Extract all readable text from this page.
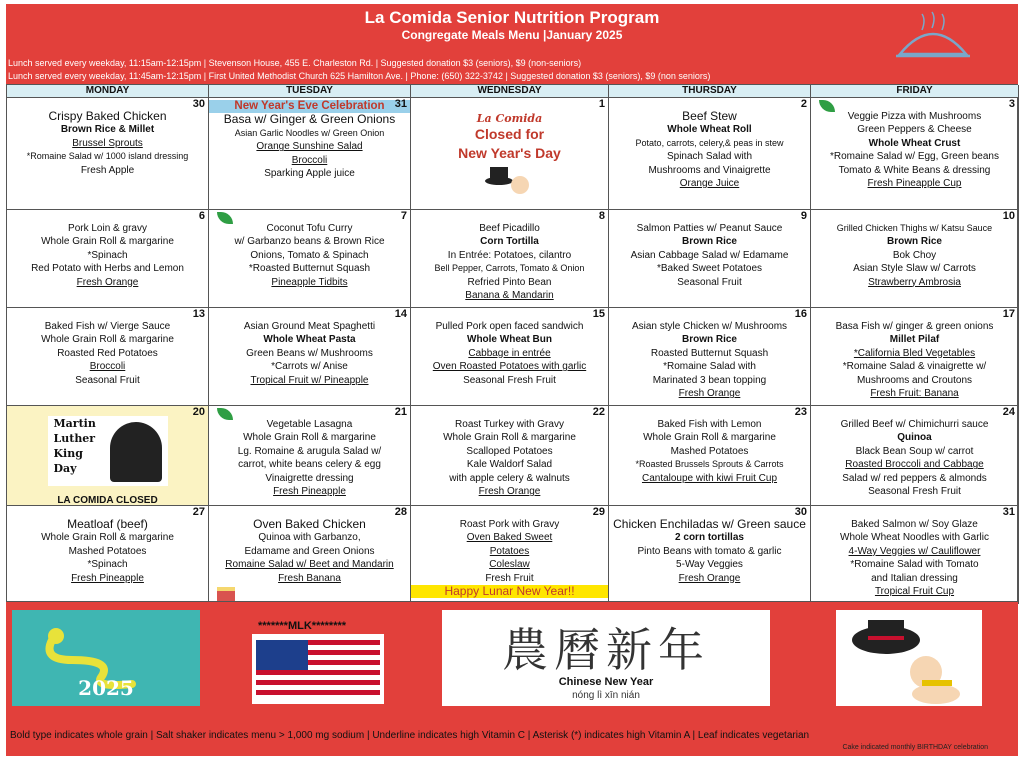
La Comida Senior Nutrition Program
Congregate Meals Menu |January 2025
Lunch served every weekday, 11:15am-12:15pm | Stevenson House, 455 E. Charleston Rd. | Suggested donation $3 (seniors), $9 (non-seniors)
Lunch served every weekday, 11:45am-12:15pm | First United Methodist Church 625 Hamilton Ave. | Phone: (650) 322-3742 | Suggested donation $3 (seniors), $9 (non seniors)
MONDAY	TUESDAY	WEDNESDAY	THURSDAY	FRIDAY
30
Crispy Baked Chicken
Brown Rice & Millet
Brussel Sprouts
*Romaine Salad w/ 1000 island dressing
Fresh Apple
31
New Year's Eve Celebration
Basa w/ Ginger & Green Onions
Asian Garlic Noodles w/ Green Onion
Orange Sunshine Salad
Broccoli
Sparking Apple juice
1
La Comida
Closed for
New Year's Day
2
Beef Stew
Whole Wheat Roll
Potato, carrots, celery,& peas in stew
Spinach Salad with
Mushrooms and Vinaigrette
Orange Juice
3
Veggie Pizza with Mushrooms
Green Peppers & Cheese
Whole Wheat Crust
*Romaine Salad w/ Egg, Green beans
Tomato & White Beans & dressing
Fresh Pineapple Cup
6
Pork Loin & gravy
Whole Grain Roll & margarine
*Spinach
Red Potato with Herbs and Lemon
Fresh Orange
7
Coconut Tofu Curry
w/ Garbanzo beans & Brown Rice
Onions, Tomato & Spinach
*Roasted Butternut Squash
Pineapple Tidbits
8
Beef Picadillo
Corn Tortilla
In Entrée: Potatoes, cilantro
Bell Pepper, Carrots, Tomato & Onion
Refried Pinto Bean
Banana & Mandarin
9
Salmon Patties w/ Peanut Sauce
Brown Rice
Asian Cabbage Salad w/ Edamame
*Baked Sweet Potatoes
Seasonal Fruit
10
Grilled Chicken Thighs w/ Katsu Sauce
Brown Rice
Bok Choy
Asian Style Slaw w/ Carrots
Strawberry Ambrosia
13
Baked Fish w/ Vierge Sauce
Whole Grain Roll & margarine
Roasted Red Potatoes
Broccoli
Seasonal Fruit
14
Asian Ground Meat Spaghetti
Whole Wheat Pasta
Green Beans w/ Mushrooms
*Carrots w/ Anise
Tropical Fruit w/ Pineapple
15
Pulled Pork open faced sandwich
Whole Wheat Bun
Cabbage in entrée
Oven Roasted Potatoes with garlic
Seasonal Fresh Fruit
16
Asian style Chicken w/ Mushrooms
Brown Rice
Roasted Butternut Squash
*Romaine Salad with
Marinated 3 bean topping
Fresh Orange
17
Basa Fish w/ ginger & green onions
Millet Pilaf
*California Bled Vegetables
*Romaine Salad & vinaigrette w/
Mushrooms and Croutons
Fresh Fruit: Banana
20
Martin
Luther
King
Day
LA COMIDA CLOSED
21
Vegetable Lasagna
Whole Grain Roll & margarine
Lg. Romaine & arugula Salad w/
carrot, white beans celery & egg
Vinaigrette dressing
Fresh Pineapple
22
Roast Turkey with Gravy
Whole Grain Roll & margarine
Scalloped Potatoes
Kale Waldorf Salad
with apple celery & walnuts
Fresh Orange
23
Baked Fish with Lemon
Whole Grain Roll & margarine
Mashed Potatoes
*Roasted Brussels Sprouts & Carrots
Cantaloupe with kiwi Fruit Cup
24
Grilled Beef w/ Chimichurri sauce
Quinoa
Black Bean Soup w/ carrot
Roasted Broccoli and Cabbage
Salad w/ red peppers & almonds
Seasonal Fresh Fruit
27
Meatloaf (beef)
Whole Grain Roll & margarine
Mashed Potatoes
*Spinach
Fresh Pineapple
28
Oven Baked Chicken
Quinoa with Garbanzo,
Edamame and Green Onions
Romaine Salad w/ Beet and Mandarin
Fresh Banana
29
Roast Pork with Gravy
Oven Baked Sweet
Potatoes
Coleslaw
Fresh Fruit
Happy Lunar New Year!!
30
Chicken Enchiladas w/ Green sauce
2 corn tortillas
Pinto Beans with tomato & garlic
5-Way Veggies
Fresh Orange
31
Baked Salmon w/ Soy Glaze
Whole Wheat Noodles with Garlic
4-Way Veggies w/ Cauliflower
*Romaine Salad with Tomato
and Italian dressing
Tropical Fruit Cup
2025
*******MLK********	農曆新年
Chinese New Year
nóng lì xīn nián
Bold type indicates whole grain | Salt shaker indicates menu > 1,000 mg sodium | Underline indicates high Vitamin C | Asterisk (*) indicates high Vitamin A | Leaf indicates vegetarian
Cake indicated monthly BIRTHDAY celebration
